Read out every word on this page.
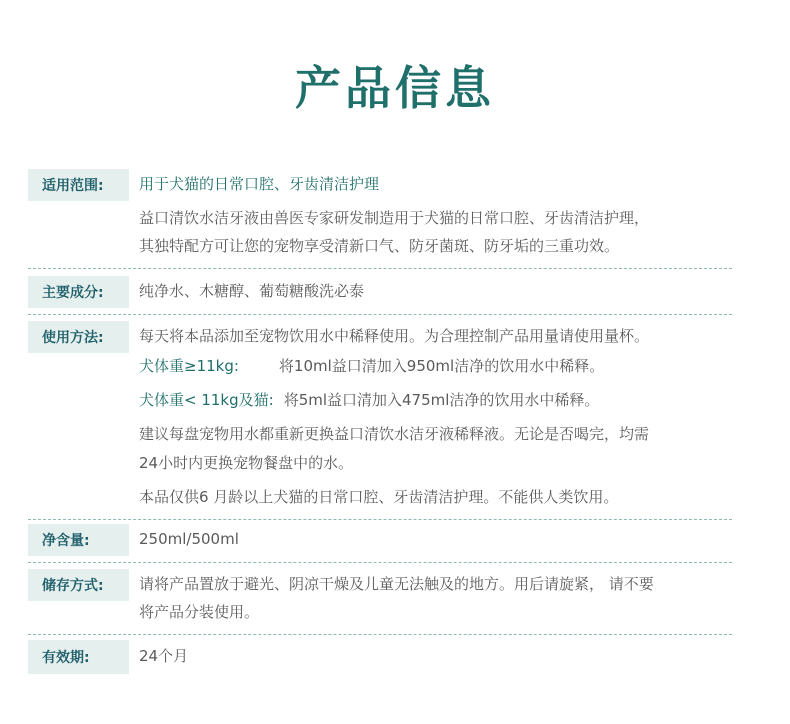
产品信息
适用范围:	用于犬猫的日常口腔、牙齿清洁护理
益口清饮水洁牙液由兽医专家研发制造用于犬猫的日常口腔、牙齿清洁护理，
其独特配方可让您的宠物享受清新口气、防牙菌斑、防牙垢的三重功效。
主要成分:	纯净水、木糖醇、葡萄糖酸洗必泰
使用方法:	每天将本品添加至宠物饮用水中稀释使用。为合理控制产品用量请使用量杯。
犬体重≥11kg:	将10ml益口清加入950ml洁净的饮用水中稀释。
犬体重< 11kg及猫: 将5ml益口清加入475ml洁净的饮用水中稀释。
建议每盘宠物用水都重新更换益口清饮水洁牙液稀释液。无论是否喝完，均需
24小时内更换宠物餐盘中的水。
本品仅供6 月龄以上犬猫的日常口腔、牙齿清洁护理。不能供人类饮用。
净含量:	250ml/500ml
储存方式:	请将产品置放于避光、阴凉干燥及儿童无法触及的地方。用后请旋紧， 请不要
将产品分装使用。
有效期:	24个月
